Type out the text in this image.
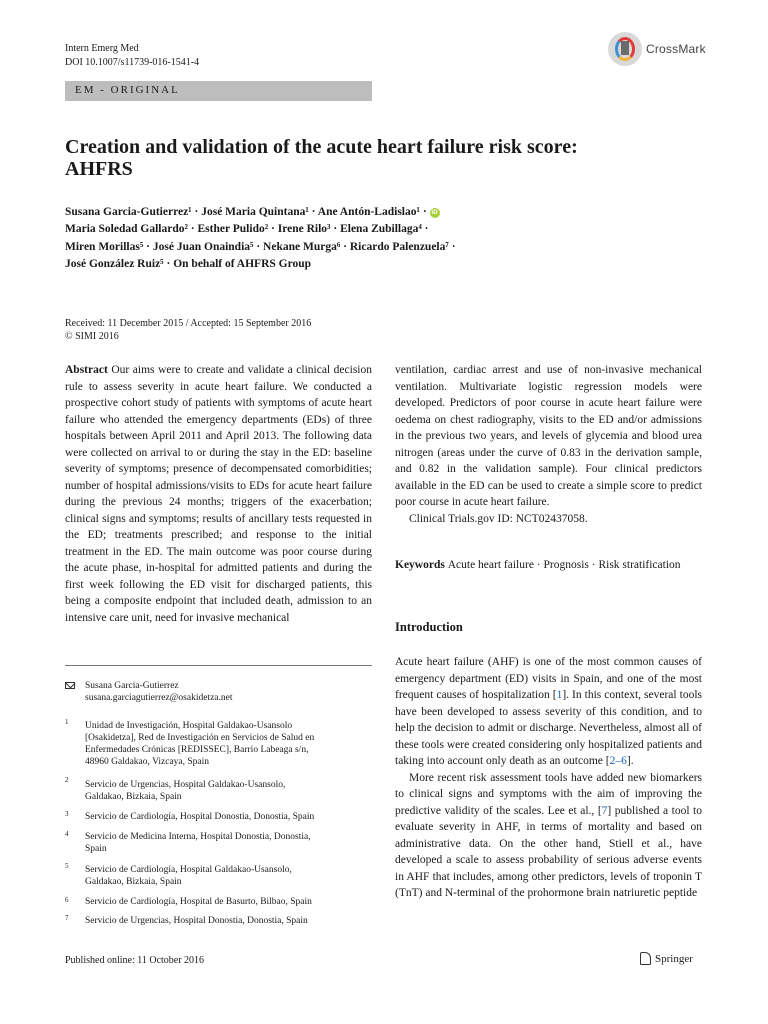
Intern Emerg Med
DOI 10.1007/s11739-016-1541-4
CrossMark
EM - ORIGINAL
Creation and validation of the acute heart failure risk score:
AHFRS
Susana Garcia-Gutierrez¹ · José Maria Quintana¹ · Ane Antón-Ladislao¹ · iD
Maria Soledad Gallardo² · Esther Pulido² · Irene Rilo³ · Elena Zubillaga⁴ ·
Miren Morillas⁵ · José Juan Onaindia⁵ · Nekane Murga⁶ · Ricardo Palenzuela⁷ ·
José González Ruiz⁵ · On behalf of AHFRS Group
Received: 11 December 2015 / Accepted: 15 September 2016
© SIMI 2016

Abstract Our aims were to create and validate a clinical decision rule to assess severity in acute heart failure. We conducted a prospective cohort study of patients with symptoms of acute heart failure who attended the emergency departments (EDs) of three hospitals between April 2011 and April 2013. The following data were collected on arrival to or during the stay in the ED: baseline severity of symptoms; presence of decompensated comorbidities; number of hospital admissions/visits to EDs for acute heart failure during the previous 24 months; triggers of the exacerbation; clinical signs and symptoms; results of ancillary tests requested in the ED; treatments prescribed; and response to the initial treatment in the ED. The main outcome was poor course during the acute phase, in-hospital for admitted patients and during the first week following the ED visit for discharged patients, this being a composite endpoint that included death, admission to an intensive care unit, need for invasive mechanical

ventilation, cardiac arrest and use of non-invasive mechanical ventilation. Multivariate logistic regression models were developed. Predictors of poor course in acute heart failure were oedema on chest radiography, visits to the ED and/or admissions in the previous two years, and levels of glycemia and blood urea nitrogen (areas under the curve of 0.83 in the derivation sample, and 0.82 in the validation sample). Four clinical predictors available in the ED can be used to create a simple score to predict poor course in acute heart failure.

Clinical Trials.gov ID: NCT02437058.

Keywords Acute heart failure · Prognosis · Risk stratification
Introduction

Acute heart failure (AHF) is one of the most common causes of emergency department (ED) visits in Spain, and one of the most frequent causes of hospitalization [1]. In this context, several tools have been developed to assess severity of this condition, and to help the decision to admit or discharge. Nevertheless, almost all of these tools were created considering only hospitalized patients and taking into account only death as an outcome [2–6].

More recent risk assessment tools have added new biomarkers to clinical signs and symptoms with the aim of improving the predictive validity of the scales. Lee et al., [7] published a tool to evaluate severity in AHF, in terms of mortality and based on administrative data. On the other hand, Stiell et al., have developed a scale to assess probability of serious adverse events in AHF that includes, among other predictors, levels of troponin T (TnT) and N-terminal of the prohormone brain natriuretic peptide

Susana Garcia-Gutierrez
susana.garciagutierrez@osakidetza.net
1 Unidad de Investigación, Hospital Galdakao-Usansolo
[Osakidetza], Red de Investigación en Servicios de Salud en
Enfermedades Crónicas [REDISSEC], Barrio Labeaga s/n,
48960 Galdakao, Vizcaya, Spain
2 Servicio de Urgencias, Hospital Galdakao-Usansolo,
Galdakao, Bizkaia, Spain
3 Servicio de Cardiología, Hospital Donostia, Donostia, Spain
4 Servicio de Medicina Interna, Hospital Donostia, Donostia,
Spain
5 Servicio de Cardiología, Hospital Galdakao-Usansolo,
Galdakao, Bizkaia, Spain
6 Servicio de Cardiología, Hospital de Basurto, Bilbao, Spain
7 Servicio de Urgencias, Hospital Donostia, Donostia, Spain
Published online: 11 October 2016	Springer
